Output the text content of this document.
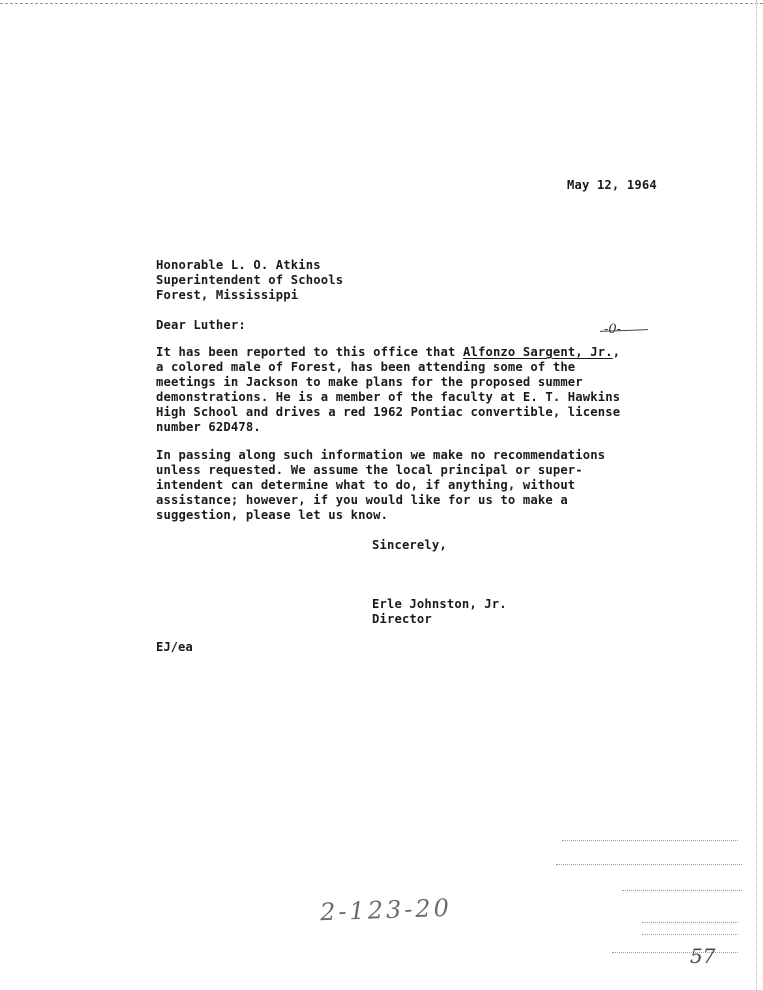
May 12, 1964
Honorable L. O. Atkins
Superintendent of Schools
Forest, Mississippi
Dear Luther:	-0-
It has been reported to this office that Alfonzo Sargent, Jr.,
a colored male of Forest, has been attending some of the
meetings in Jackson to make plans for the proposed summer
demonstrations. He is a member of the faculty at E. T. Hawkins
High School and drives a red 1962 Pontiac convertible, license
number 62D478.
In passing along such information we make no recommendations
unless requested. We assume the local principal or super-
intendent can determine what to do, if anything, without
assistance; however, if you would like for us to make a
suggestion, please let us know.
Sincerely,
Erle Johnston, Jr.
Director
EJ/ea
2-123-20
57
